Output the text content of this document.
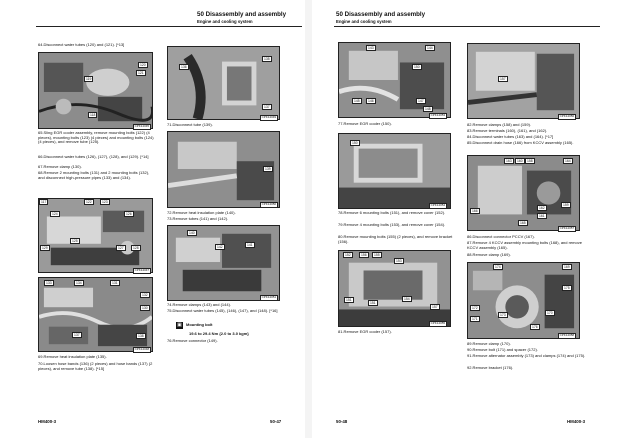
50 Disassembly and assembly
Engine and cooling system
64.Disconnect water tubes (120) and (121). [*13]
120
121
119
118
CPK14045
65.Sling EGR cooler assembly, remove mounting bolts (122) (4 pieces), mounting bolts (123) (4 pieces) and mounting bolts (124) (4 pieces), and remove tube (125).
66.Disconnect water tubes (126), (127), (128), and (129). [*14]
67.Remove clamp (130).
68.Remove 2 mounting bolts (131) and 2 mounting bolts (132), and disconnect high-pressure pipes (133) and (134).
117	122	123
124	126
125
129	127	128
CPK14047
133	134	131
132
130
137	138
CPK14048
69.Remove heat insulation plate (135).
70.Loosen hose bands (136) (2 pieces) and hose bands (137) (2 pieces), and remove tube (138). [*15]
136
135
137
CPK14049
71.Disconnect tube (139).
139
CPK14050
72.Remove heat insulation plate (140).
73.Remove tubes (141) and (142).
140
141
142
CPK14051
74.Remove clamps (143) and (144).
75.Disconnect water tubes (145), (146), (147), and (148). [*16]
▣ Mounting bolt
19.6 to 29.4 Nm {2.0 to 3.0 kgm}
76.Remove connector (149).
HM400-3	50-47
50 Disassembly and assembly
Engine and cooling system
143	144
150
145	146	147
148
CPK14053
77.Remove EGR cooler (150).
150
CPK14054
78.Remove 6 mounting bolts (151), and remove cover (152).
79.Remove 4 mounting bolts (153), and remove cover (154).
80.Remove mounting bolts (155) (2 pieces), and remove bracket (156).
152	156	155
153
151
151
154
157
CPK14055
81.Remove EGR cooler (157).
157
CPK14056
82.Remove clamps (158) and (159).
83.Remove terminals (160), (161), and (162).
84.Disconnect water tubes (163) and (164). [*17]
85.Disconnect drain hose (166) from KCCV assembly (165).
163	160	158	164
166
162
161
159
165
CPK14057
86.Disconnect connector PCCV (167).
87.Remove 4 KCCV assembly mounting bolts (168), and remove KCCV assembly (165).
88.Remove clamp (169).
174	169
175
172
173
171
176
170
CPK14058
89.Remove clamp (170).
90.Remove bolt (171) and spacer (172).
91.Remove alternator assembly (173) and clamps (174) and (175).
92.Remove bracket (176).
50-48	HM400-3
